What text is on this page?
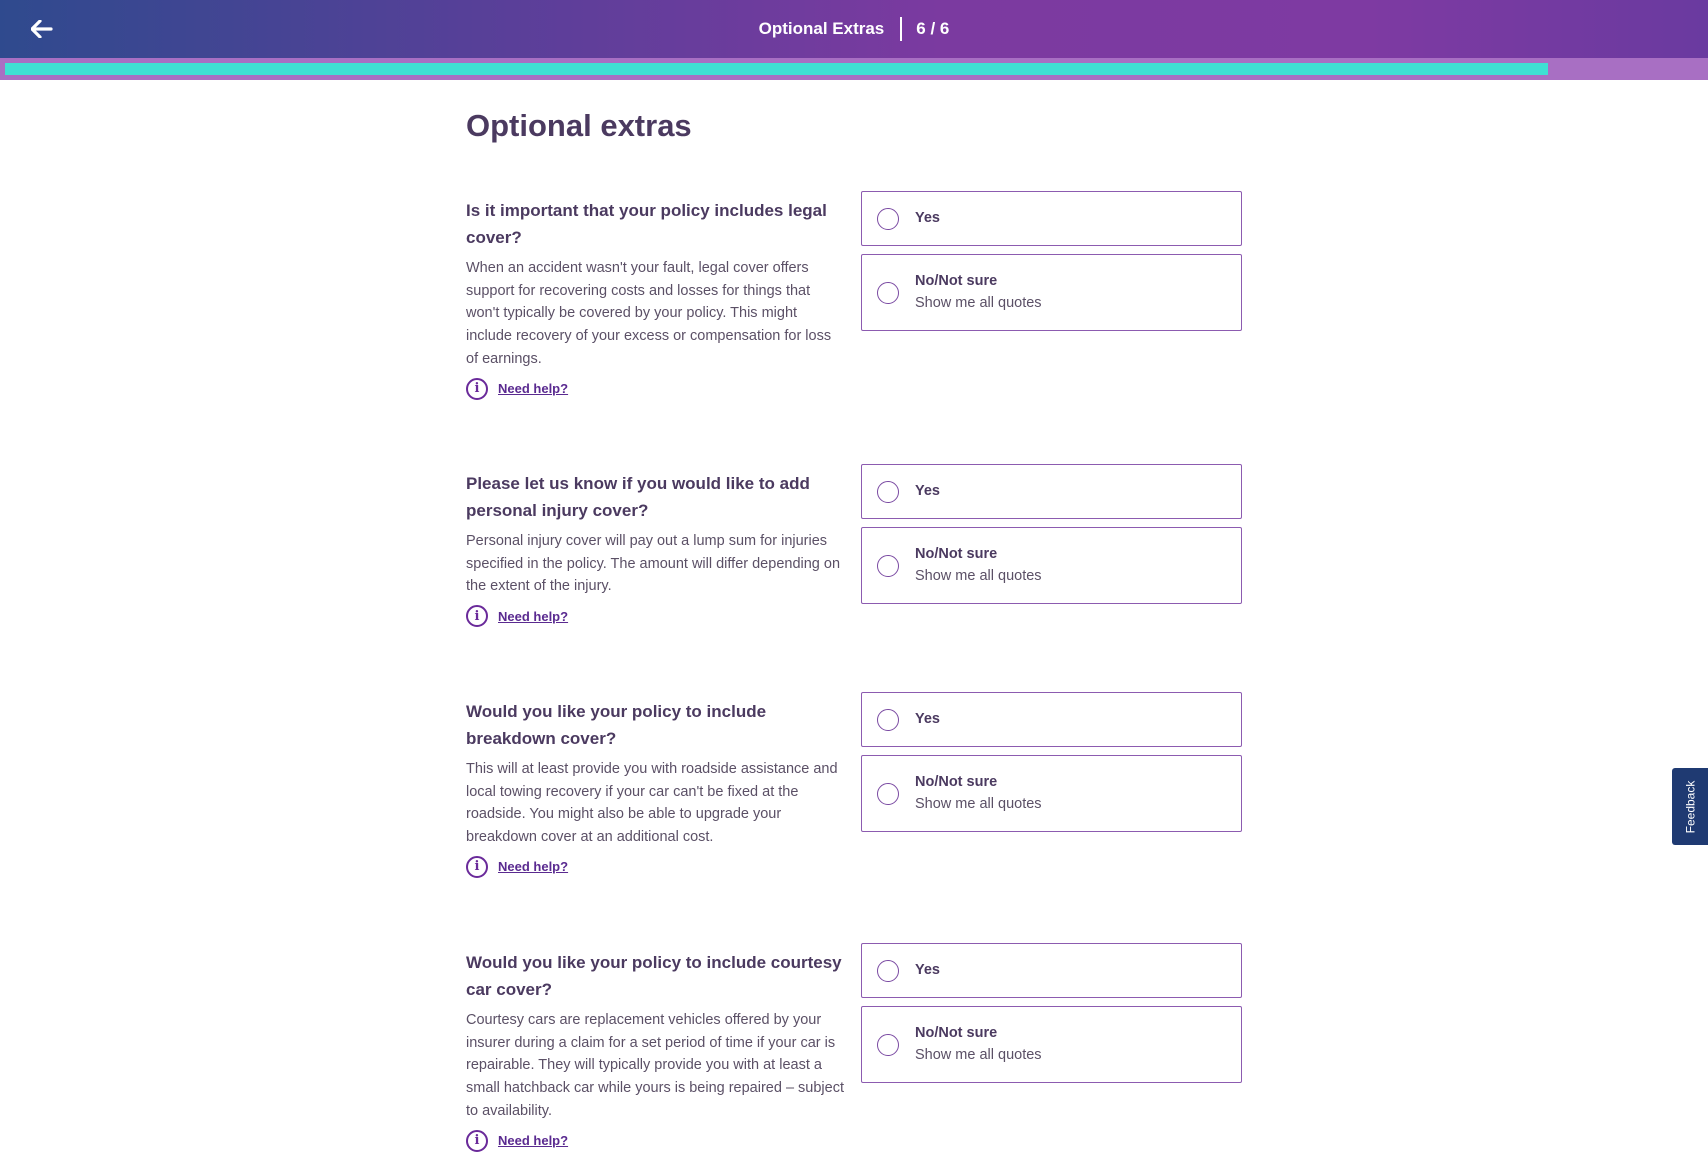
Optional Extras 6 / 6
Optional extras

Is it important that your policy includes legal cover?

When an accident wasn't your fault, legal cover offers support for recovering costs and losses for things that won't typically be covered by your policy. This might include recovery of your excess or compensation for loss of earnings.

i	Need help?
Yes
No/Not sure
Show me all quotes

Please let us know if you would like to add personal injury cover?

Personal injury cover will pay out a lump sum for injuries specified in the policy. The amount will differ depending on the extent of the injury.

i	Need help?
Yes
No/Not sure
Show me all quotes

Would you like your policy to include breakdown cover?

This will at least provide you with roadside assistance and local towing recovery if your car can't be fixed at the roadside. You might also be able to upgrade your breakdown cover at an additional cost.

i	Need help?
Yes
No/Not sure
Show me all quotes

Would you like your policy to include courtesy car cover?

Courtesy cars are replacement vehicles offered by your insurer during a claim for a set period of time if your car is repairable. They will typically provide you with at least a small hatchback car while yours is being repaired – subject to availability.

i	Need help?
Yes
No/Not sure
Show me all quotes
Feedback
